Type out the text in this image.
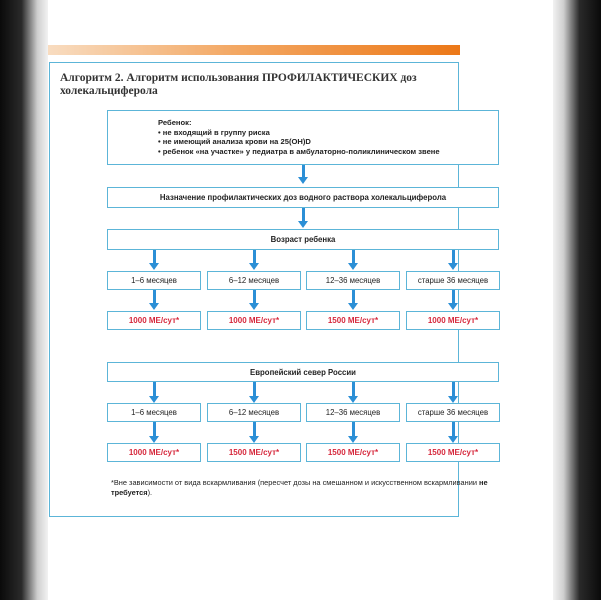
Алгоритм 2. Алгоритм использования ПРОФИЛАКТИЧЕСКИХ доз холекальциферола
Ребенок:
• не входящий в группу риска
• не имеющий анализа крови на 25(OH)D
• ребенок «на участке» у педиатра в амбулаторно-поликлиническом звене
Назначение профилактических доз водного раствора холекальциферола
Возраст ребенка
1–6 месяцев	6–12 месяцев	12–36 месяцев	старше 36 месяцев
1000 МЕ/сут*	1000 МЕ/сут*	1500 МЕ/сут*	1000 МЕ/сут*
Европейский север России
1–6 месяцев	6–12 месяцев	12–36 месяцев	старше 36 месяцев
1000 МЕ/сут*	1500 МЕ/сут*	1500 МЕ/сут*	1500 МЕ/сут*
*Вне зависимости от вида вскармливания (пересчет дозы на смешанном и искусственном вскармливании не требуется).
